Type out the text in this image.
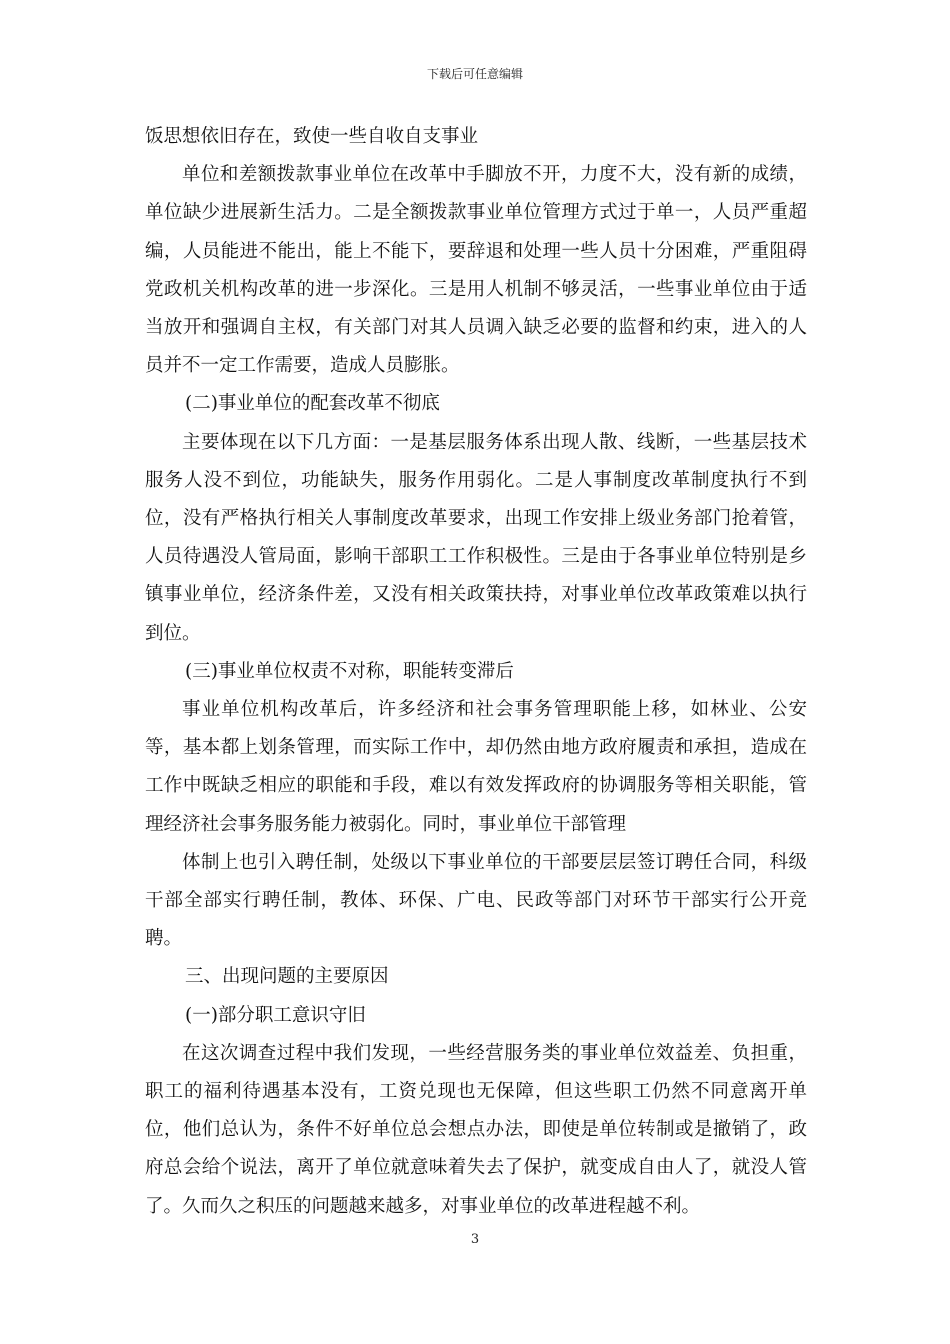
下载后可任意编辑

饭思想依旧存在，致使一些自收自支事业

单位和差额拨款事业单位在改革中手脚放不开，力度不大，没有新的成绩，单位缺少进展新生活力。二是全额拨款事业单位管理方式过于单一，人员严重超编，人员能进不能出，能上不能下，要辞退和处理一些人员十分困难，严重阻碍党政机关机构改革的进一步深化。三是用人机制不够灵活，一些事业单位由于适当放开和强调自主权，有关部门对其人员调入缺乏必要的监督和约束，进入的人员并不一定工作需要，造成人员膨胀。

(二)事业单位的配套改革不彻底

主要体现在以下几方面：一是基层服务体系出现人散、线断，一些基层技术服务人没不到位，功能缺失，服务作用弱化。二是人事制度改革制度执行不到位，没有严格执行相关人事制度改革要求，出现工作安排上级业务部门抢着管，人员待遇没人管局面，影响干部职工工作积极性。三是由于各事业单位特别是乡镇事业单位，经济条件差，又没有相关政策扶持，对事业单位改革政策难以执行到位。

(三)事业单位权责不对称，职能转变滞后

事业单位机构改革后，许多经济和社会事务管理职能上移，如林业、公安等，基本都上划条管理，而实际工作中，却仍然由地方政府履责和承担，造成在工作中既缺乏相应的职能和手段，难以有效发挥政府的协调服务等相关职能，管理经济社会事务服务能力被弱化。同时，事业单位干部管理

体制上也引入聘任制，处级以下事业单位的干部要层层签订聘任合同，科级干部全部实行聘任制，教体、环保、广电、民政等部门对环节干部实行公开竞聘。

三、出现问题的主要原因

(一)部分职工意识守旧

在这次调查过程中我们发现，一些经营服务类的事业单位效益差、负担重，职工的福利待遇基本没有，工资兑现也无保障，但这些职工仍然不同意离开单位，他们总认为，条件不好单位总会想点办法，即使是单位转制或是撤销了，政府总会给个说法，离开了单位就意味着失去了保护，就变成自由人了，就没人管了。久而久之积压的问题越来越多，对事业单位的改革进程越不利。

3
